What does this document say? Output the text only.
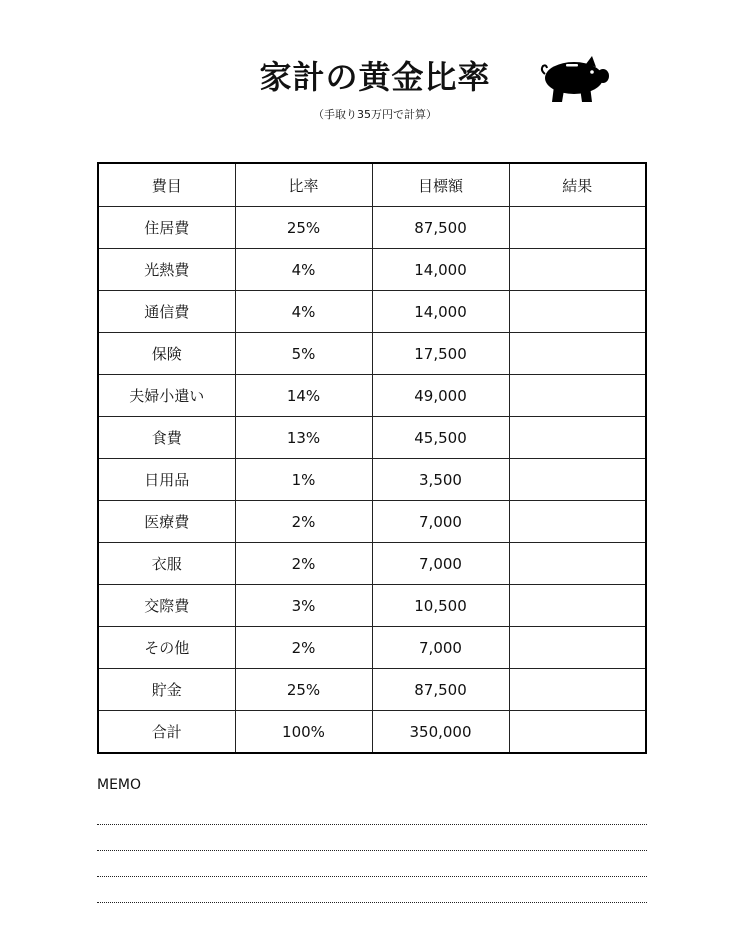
家計の黄金比率
（手取り35万円で計算）
費目	比率	目標額	結果
住居費	25%	87,500	
光熱費	4%	14,000	
通信費	4%	14,000	
保険	5%	17,500	
夫婦小遣い	14%	49,000	
食費	13%	45,500	
日用品	1%	3,500	
医療費	2%	7,000	
衣服	2%	7,000	
交際費	3%	10,500	
その他	2%	7,000	
貯金	25%	87,500	
合計	100%	350,000	
MEMO
